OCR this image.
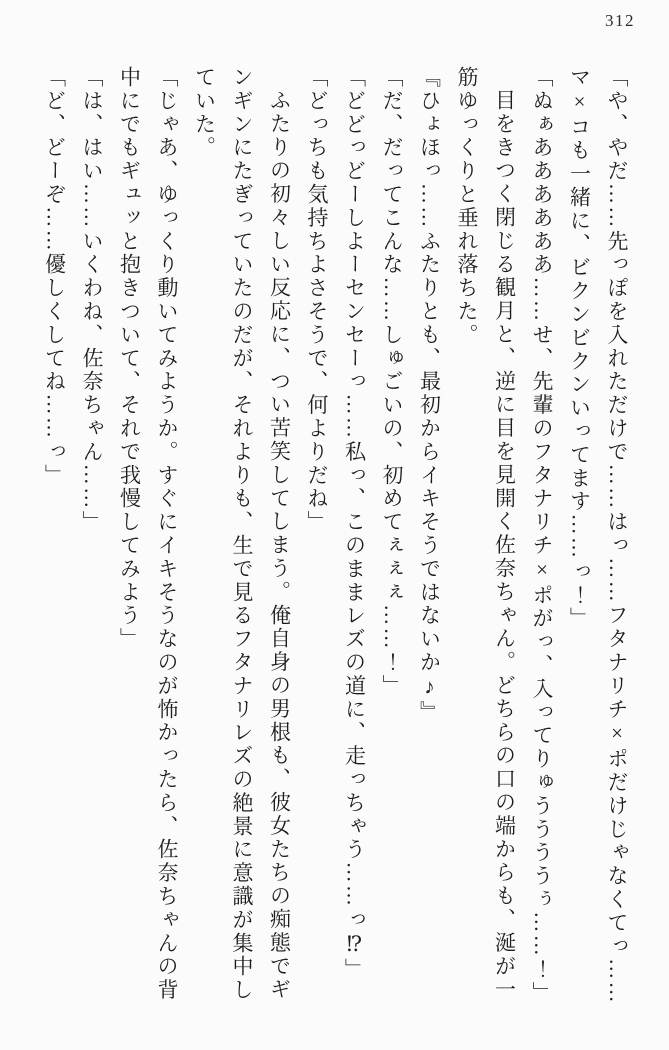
312

「や、やだ……先っぽを入れただけで……はっ……フタナリチ×ポだけじゃなくてっ……

マ×コも一緒に、ビクンビクンいってます……っ！」

「ぬぁああああああ……せ、先輩のフタナリチ×ポがっ、入ってりゅううううぅ……！」

目をきつく閉じる観月と、逆に目を見開く佐奈ちゃん。どちらの口の端からも、涎が一

筋ゆっくりと垂れ落ちた。

『ひょほっ……ふたりとも、最初からイキそうではないか♪』

「だ、だってこんな……しゅごいの、初めてぇぇぇ……！」

「どどっどーしよーセンセーっ……私っ、このままレズの道に、走っちゃう……っ⁉」

「どっちも気持ちよさそうで、何よりだね」

ふたりの初々しい反応に、つい苦笑してしまう。俺自身の男根も、彼女たちの痴態でギ

ンギンにたぎっていたのだが、それよりも、生で見るフタナリレズの絶景に意識が集中し

ていた。

「じゃあ、ゆっくり動いてみようか。すぐにイキそうなのが怖かったら、佐奈ちゃんの背

中にでもギュッと抱きついて、それで我慢してみよう」

「は、はい……いくわね、佐奈ちゃん……」

「ど、どーぞ……優しくしてね……っ」
